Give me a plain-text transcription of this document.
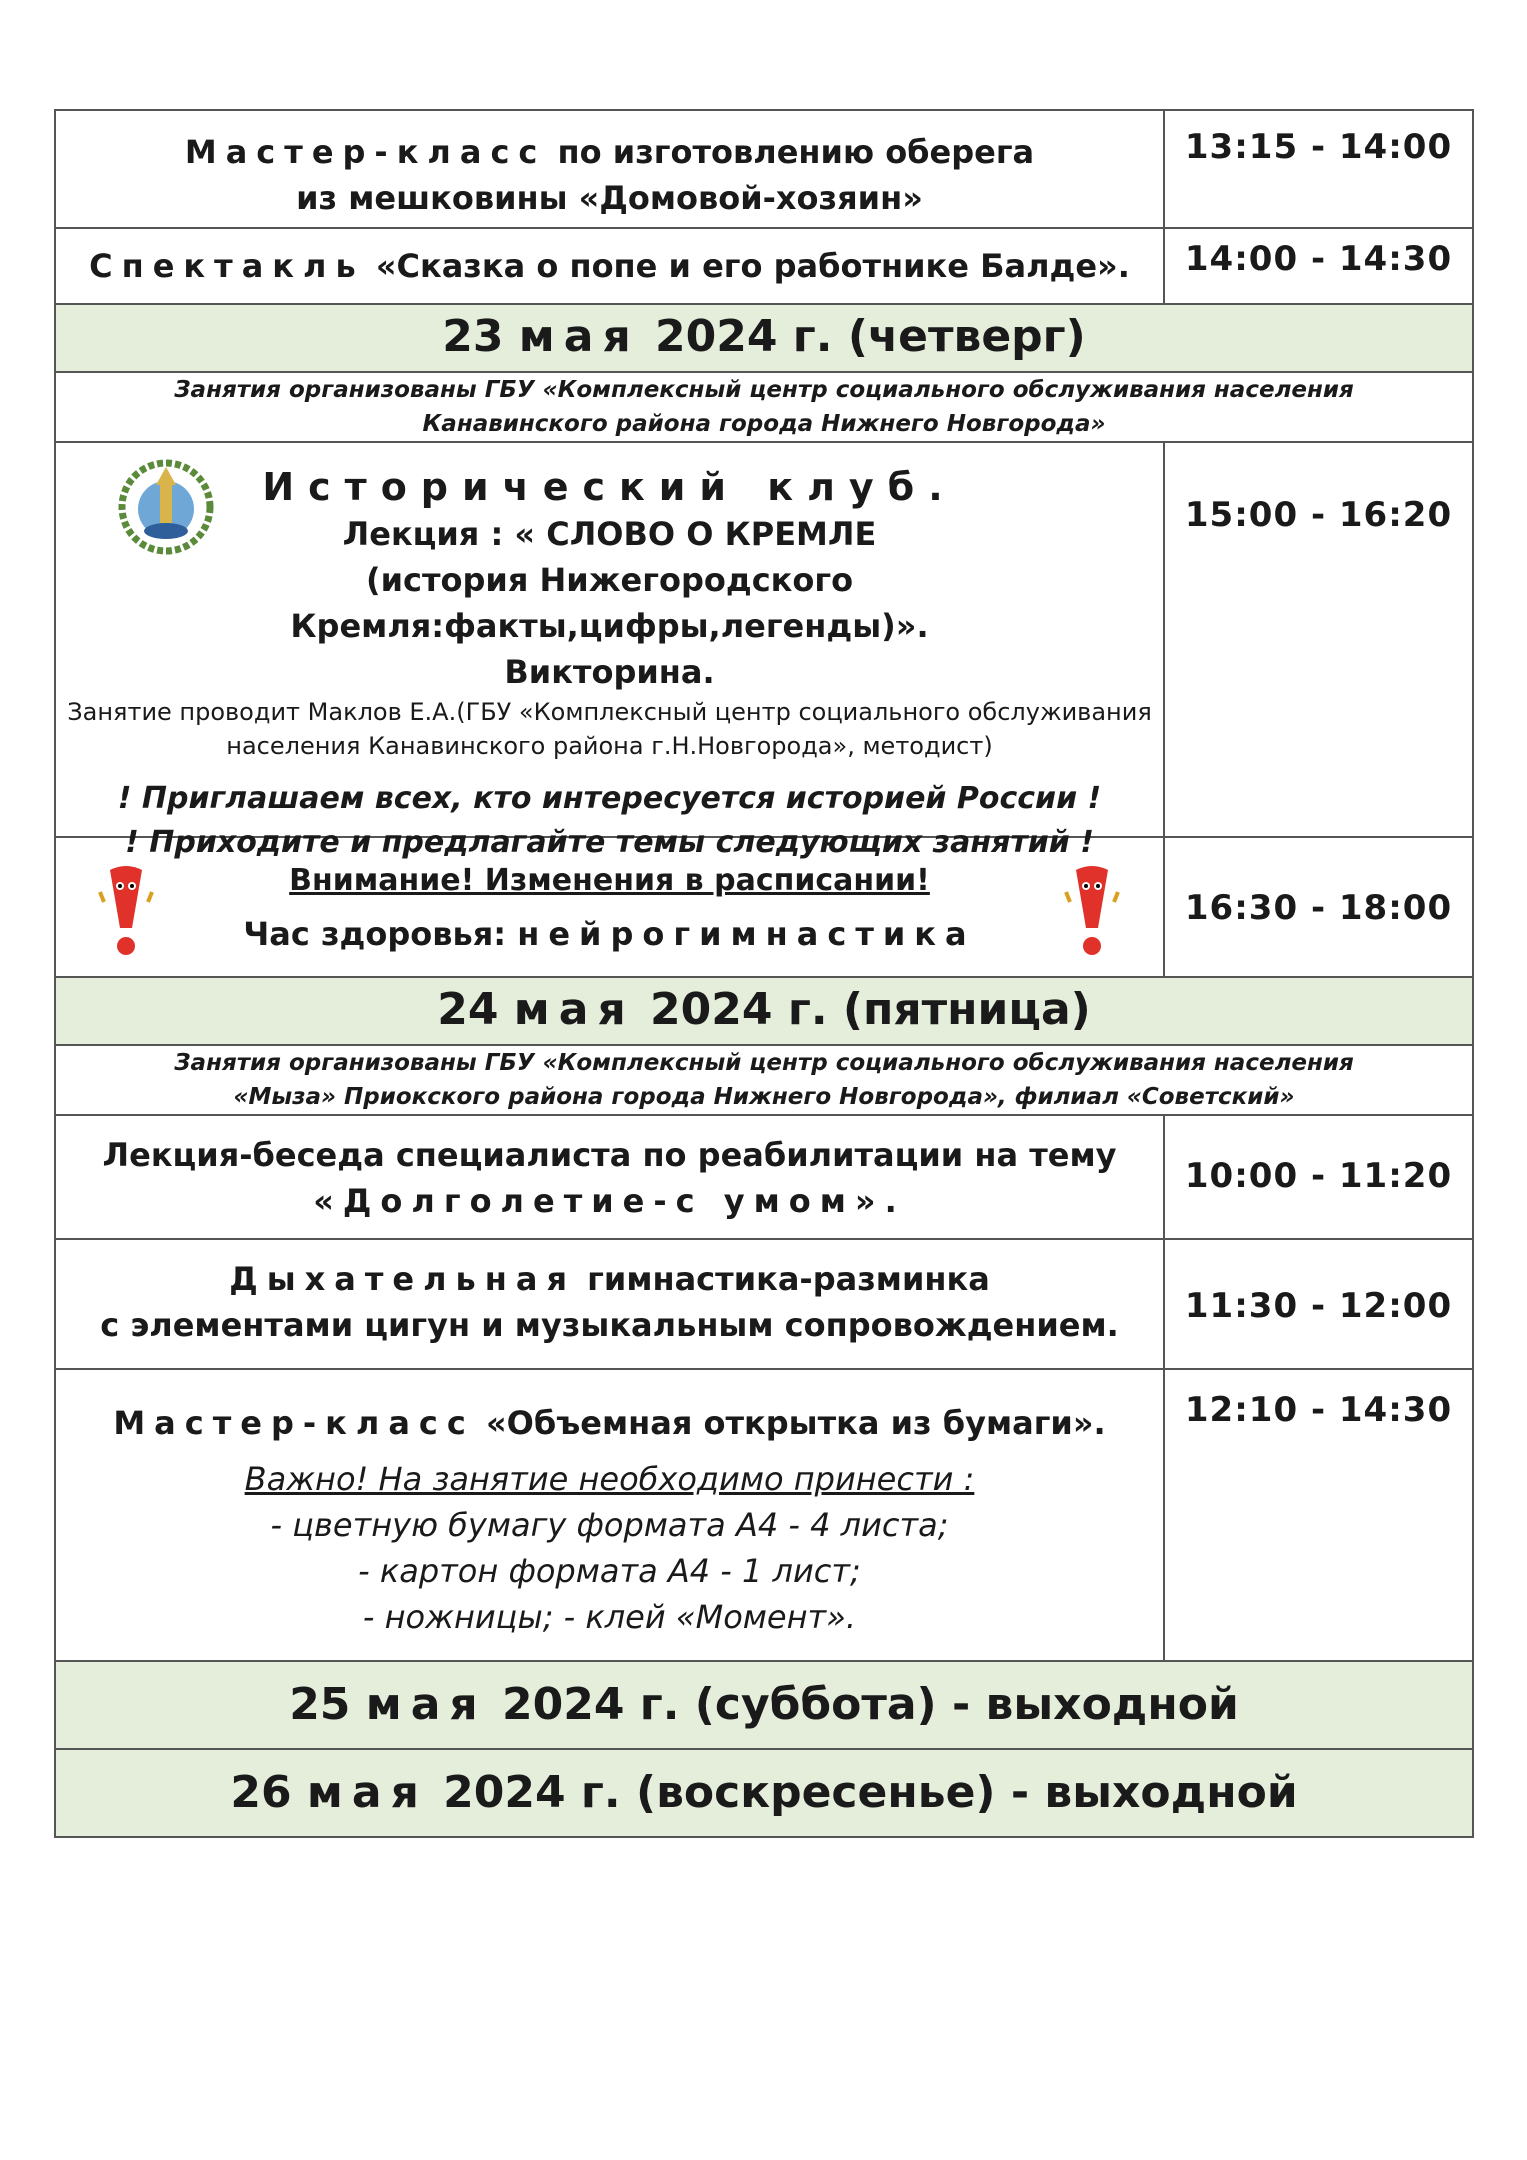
Мастер-класс по изготовлению оберега
из мешковины «Домовой-хозяин»
13:15 - 14:00
Спектакль «Сказка о попе и его работнике Балде».	14:00 - 14:30
23 мая 2024 г. (четверг)
Занятия организованы ГБУ «Комплексный центр социального обслуживания населения
Канавинского района города Нижнего Новгорода»
Исторический клуб.
Лекция : « СЛОВО О КРЕМЛЕ
(история Нижегородского Кремля:факты,цифры,легенды)».
Викторина.
Занятие проводит Маклов Е.А.(ГБУ «Комплексный центр социального обслуживания
населения Канавинского района г.Н.Новгорода», методист)
! Приглашаем всех, кто интересуется историей России !
! Приходите и предлагайте темы следующих занятий !
15:00 - 16:20
Внимание! Изменения в расписании!
Час здоровья: нейрогимнастика
16:30 - 18:00
24 мая 2024 г. (пятница)
Занятия организованы ГБУ «Комплексный центр социального обслуживания населения
«Мыза» Приокского района города Нижнего Новгорода», филиал «Советский»
Лекция-беседа специалиста по реабилитации на тему
«Долголетие-с умом».
10:00 - 11:20
Дыхательная гимнастика-разминка
с элементами цигун и музыкальным сопровождением.	11:30 - 12:00
Мастер-класс «Объемная открытка из бумаги».
Важно! На занятие необходимо принести :
- цветную бумагу формата А4 - 4 листа;
- картон формата А4 - 1 лист;
- ножницы; - клей «Момент».
12:10 - 14:30
25 мая 2024 г. (суббота) - выходной
26 мая 2024 г. (воскресенье) - выходной
